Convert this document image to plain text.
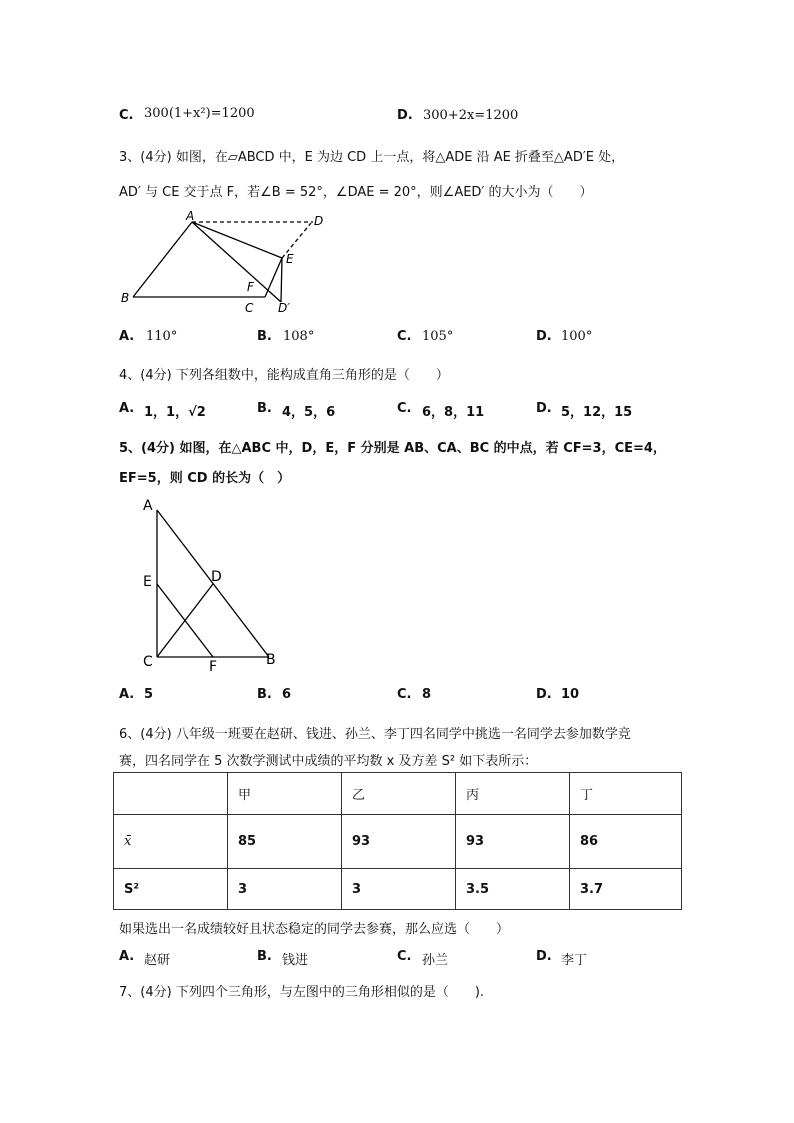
C. 300(1+x²)=1200	D. 300+2x=1200
3、(4分) 如图，在▱ABCD 中，E 为边 CD 上一点，将△ADE 沿 AE 折叠至△AD′E 处，
AD′ 与 CE 交于点 F，若∠B = 52°，∠DAE = 20°，则∠AED′ 的大小为（　　）
A
B
C
D
E
F
D′
A. 110°	B. 108°	C. 105°	D. 100°
4、(4分) 下列各组数中，能构成直角三角形的是（　　）
A. 1，1，√2	B. 4，5，6	C. 6，8，11	D. 5，12，15
5、(4分) 如图，在△ABC 中，D，E，F 分别是 AB、CA、BC 的中点，若 CF=3，CE=4，
EF=5，则 CD 的长为（　）
A
E	D
C	F	B
A. 5	B. 6	C. 8	D. 10
6、(4分) 八年级一班要在赵研、钱进、孙兰、李丁四名同学中挑选一名同学去参加数学竞
赛，四名同学在 5 次数学测试中成绩的平均数 x 及方差 S² 如下表所示：
	甲	乙	丙	丁
x̄	85	93	93	86
S²	3	3	3.5	3.7
如果选出一名成绩较好且状态稳定的同学去参赛，那么应选（　　）
A. 赵研	B. 钱进	C. 孙兰	D. 李丁
7、(4分) 下列四个三角形，与左图中的三角形相似的是（　　).
